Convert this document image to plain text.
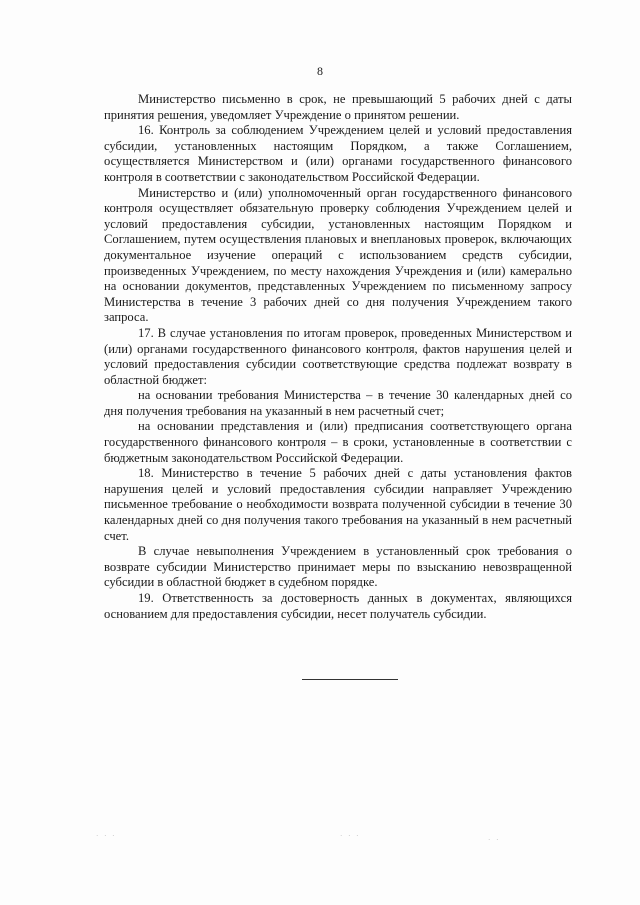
8

Министерство письменно в срок, не превышающий 5 рабочих дней с даты принятия решения, уведомляет Учреждение о принятом решении.

16. Контроль за соблюдением Учреждением целей и условий предоставления субсидии, установленных настоящим Порядком, а также Соглашением, осуществляется Министерством и (или) органами государственного финансового контроля в соответствии с законодательством Российской Федерации.

Министерство и (или) уполномоченный орган государственного финансового контроля осуществляет обязательную проверку соблюдения Учреждением целей и условий предоставления субсидии, установленных настоящим Порядком и Соглашением, путем осуществления плановых и внеплановых проверок, включающих документальное изучение операций с использованием средств субсидии, произведенных Учреждением, по месту нахождения Учреждения и (или) камерально на основании документов, представленных Учреждением по письменному запросу Министерства в течение 3 рабочих дней со дня получения Учреждением такого запроса.

17. В случае установления по итогам проверок, проведенных Министерством и (или) органами государственного финансового контроля, фактов нарушения целей и условий предоставления субсидии соответствующие средства подлежат возврату в областной бюджет:

на основании требования Министерства – в течение 30 календарных дней со дня получения требования на указанный в нем расчетный счет;

на основании представления и (или) предписания соответствующего органа государственного финансового контроля – в сроки, установленные в соответствии с бюджетным законодательством Российской Федерации.

18. Министерство в течение 5 рабочих дней с даты установления фактов нарушения целей и условий предоставления субсидии направляет Учреждению письменное требование о необходимости возврата полученной субсидии в течение 30 календарных дней со дня получения такого требования на указанный в нем расчетный счет.

В случае невыполнения Учреждением в установленный срок требования о возврате субсидии Министерство принимает меры по взысканию невозвращенной субсидии в областной бюджет в судебном порядке.

19. Ответственность за достоверность данных в документах, являющихся основанием для предоставления субсидии, несет получатель субсидии.

· · ·	· · ·	· ·
